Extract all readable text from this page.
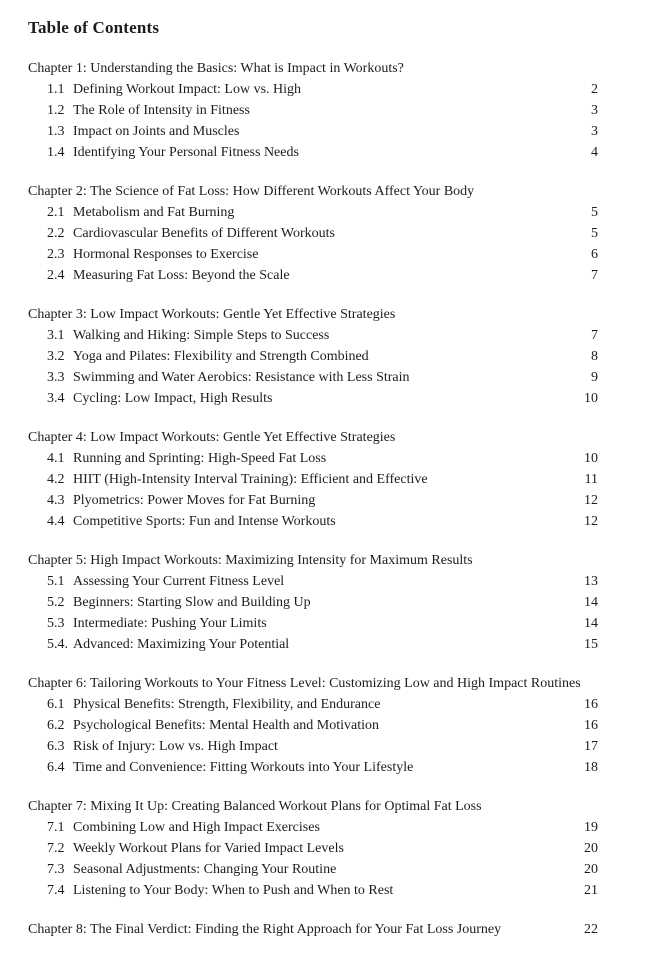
Table of Contents
Chapter 1: Understanding the Basics: What is Impact in Workouts?
1.1 Defining Workout Impact: Low vs. High	2
1.2 The Role of Intensity in Fitness	3
1.3 Impact on Joints and Muscles	3
1.4 Identifying Your Personal Fitness Needs	4
Chapter 2: The Science of Fat Loss: How Different Workouts Affect Your Body
2.1 Metabolism and Fat Burning	5
2.2 Cardiovascular Benefits of Different Workouts	5
2.3 Hormonal Responses to Exercise	6
2.4 Measuring Fat Loss: Beyond the Scale	7
Chapter 3: Low Impact Workouts: Gentle Yet Effective Strategies
3.1 Walking and Hiking: Simple Steps to Success	7
3.2 Yoga and Pilates: Flexibility and Strength Combined	8
3.3 Swimming and Water Aerobics: Resistance with Less Strain	9
3.4 Cycling: Low Impact, High Results	10
Chapter 4: Low Impact Workouts: Gentle Yet Effective Strategies
4.1 Running and Sprinting: High-Speed Fat Loss	10
4.2 HIIT (High-Intensity Interval Training): Efficient and Effective	11
4.3 Plyometrics: Power Moves for Fat Burning	12
4.4 Competitive Sports: Fun and Intense Workouts	12
Chapter 5: High Impact Workouts: Maximizing Intensity for Maximum Results
5.1 Assessing Your Current Fitness Level	13
5.2 Beginners: Starting Slow and Building Up	14
5.3 Intermediate: Pushing Your Limits	14
5.4. Advanced: Maximizing Your Potential	15
Chapter 6: Tailoring Workouts to Your Fitness Level: Customizing Low and High Impact Routines
6.1 Physical Benefits: Strength, Flexibility, and Endurance	16
6.2 Psychological Benefits: Mental Health and Motivation	16
6.3 Risk of Injury: Low vs. High Impact	17
6.4 Time and Convenience: Fitting Workouts into Your Lifestyle	18
Chapter 7: Mixing It Up: Creating Balanced Workout Plans for Optimal Fat Loss
7.1 Combining Low and High Impact Exercises	19
7.2 Weekly Workout Plans for Varied Impact Levels	20
7.3 Seasonal Adjustments: Changing Your Routine	20
7.4 Listening to Your Body: When to Push and When to Rest	21
Chapter 8: The Final Verdict: Finding the Right Approach for Your Fat Loss Journey	22
